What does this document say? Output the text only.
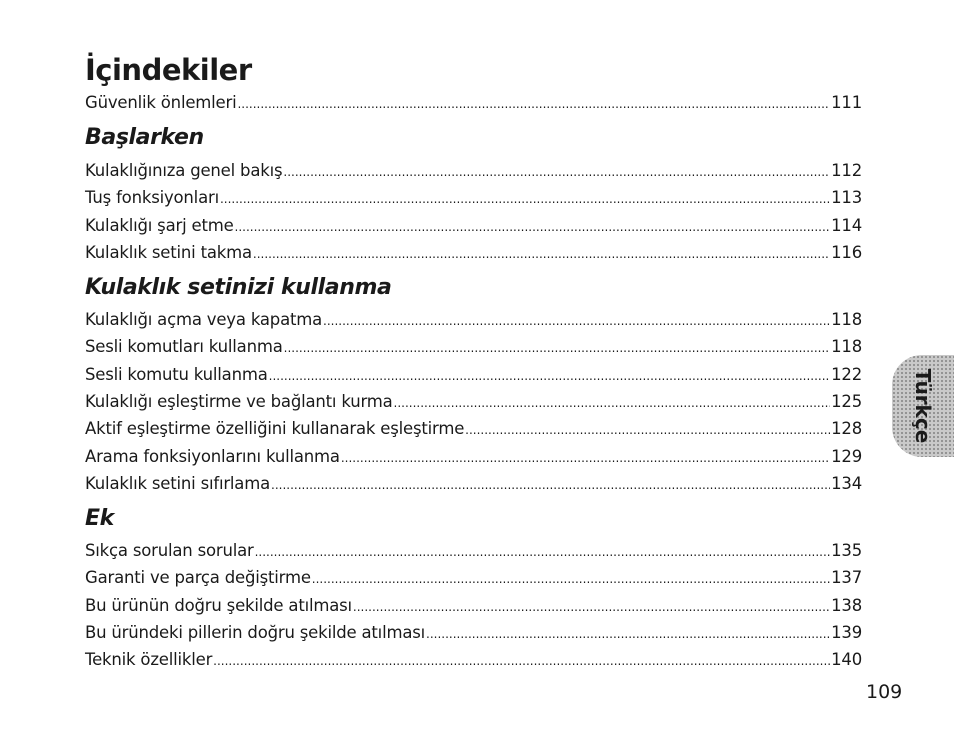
İçindekiler
Güvenlik önlemleri .....	111
Başlarken
Kulaklığınıza genel bakış .....	112
Tuş fonksiyonları .....	113
Kulaklığı şarj etme .....	114
Kulaklık setini takma .....	116
Kulaklık setinizi kullanma
Kulaklığı açma veya kapatma .....	118
Sesli komutları kullanma .....	118
Sesli komutu kullanma .....	122
Kulaklığı eşleştirme ve bağlantı kurma .....	125
Aktif eşleştirme özelliğini kullanarak eşleştirme .....	128
Arama fonksiyonlarını kullanma .....	129
Kulaklık setini sıfırlama .....	134
Ek
Sıkça sorulan sorular .....	135
Garanti ve parça değiştirme .....	137
Bu ürünün doğru şekilde atılması .....	138
Bu üründeki pillerin doğru şekilde atılması .....	139
Teknik özellikler .....	140
Türkçe
109
